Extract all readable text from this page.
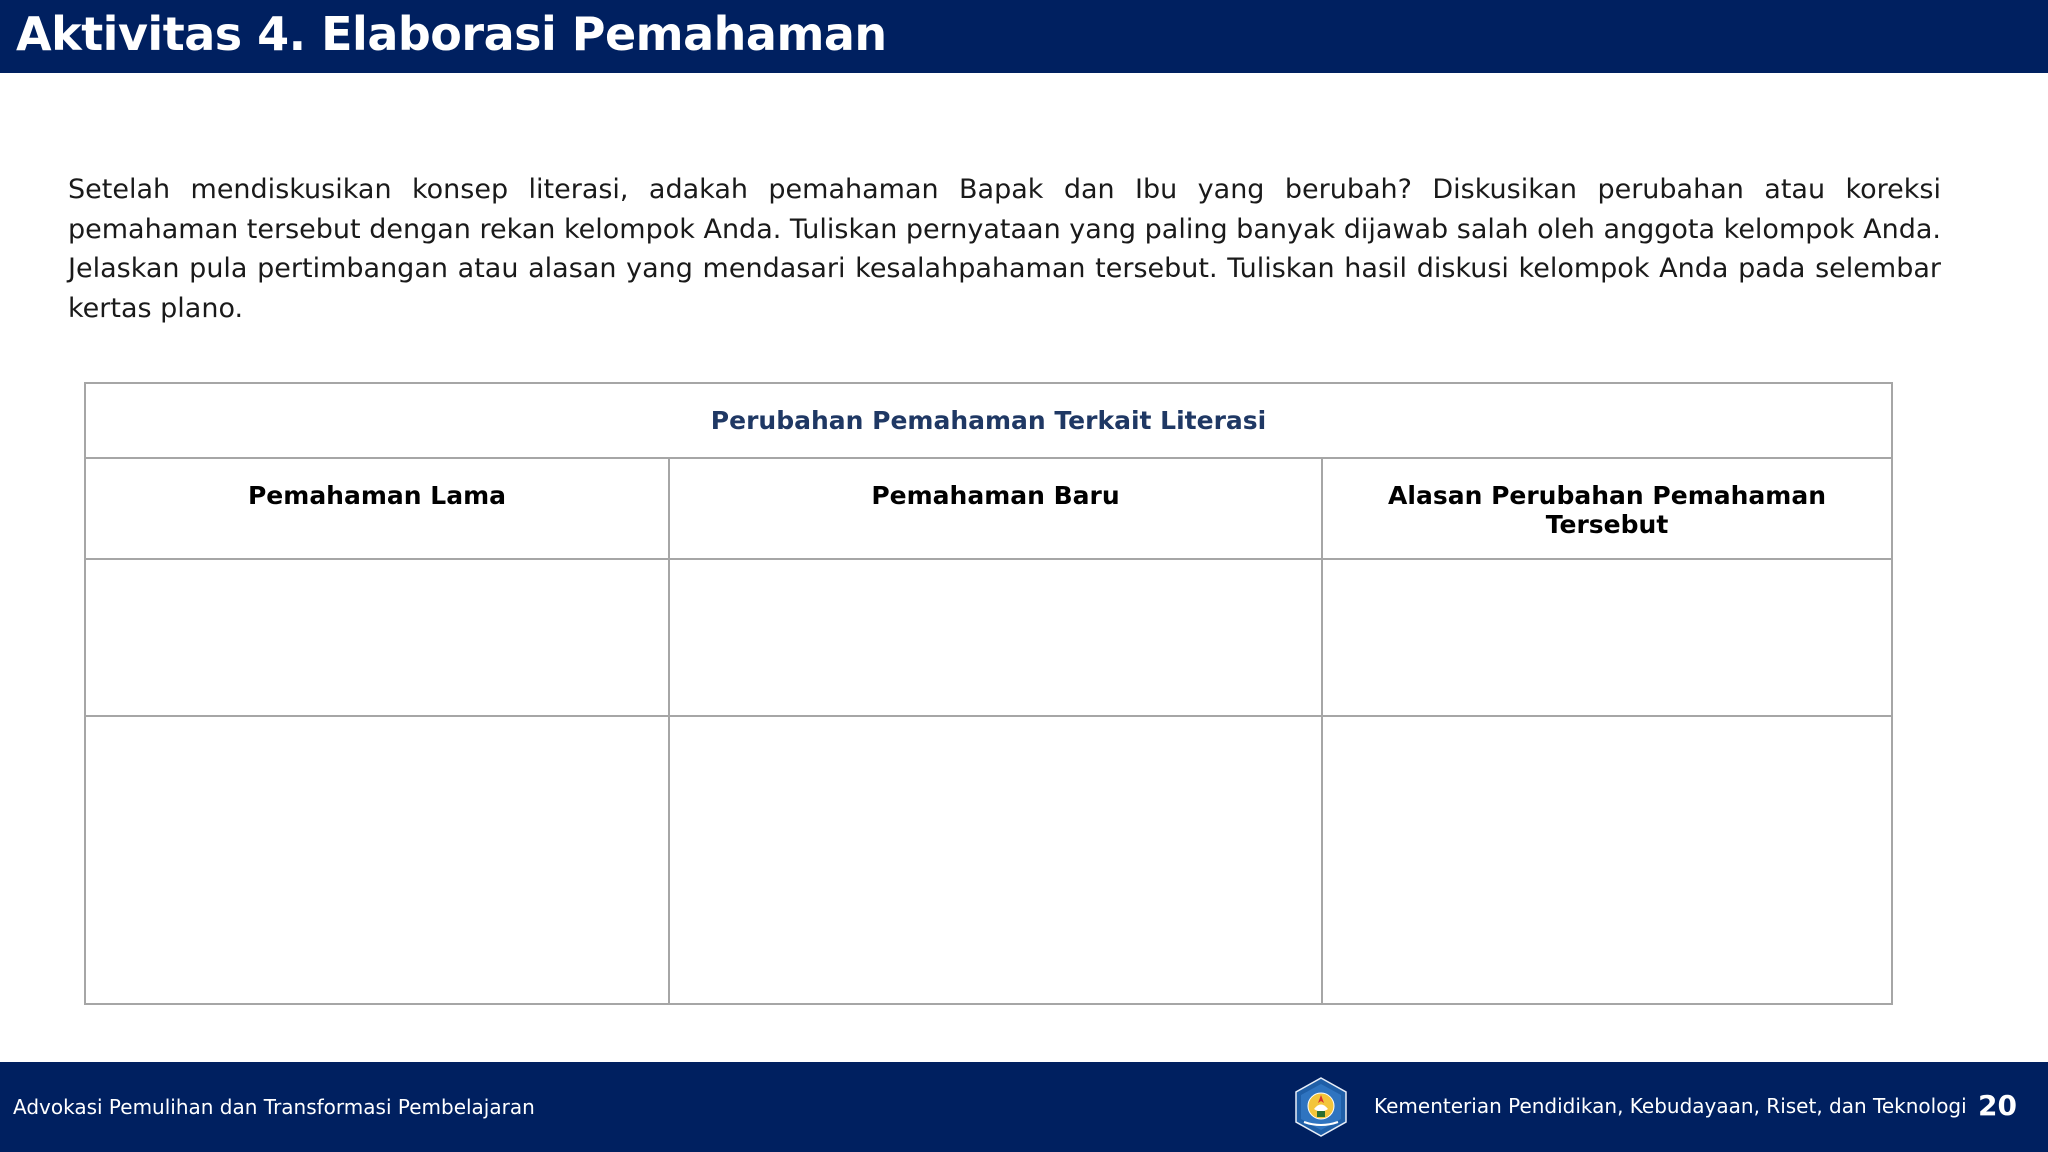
Aktivitas 4. Elaborasi Pemahaman

Setelah mendiskusikan konsep literasi, adakah pemahaman Bapak dan Ibu yang berubah? Diskusikan perubahan atau koreksi pemahaman tersebut dengan rekan kelompok Anda. Tuliskan pernyataan yang paling banyak dijawab salah oleh anggota kelompok Anda. Jelaskan pula pertimbangan atau alasan yang mendasari kesalahpahaman tersebut. Tuliskan hasil diskusi kelompok Anda pada selembar kertas plano.

Perubahan Pemahaman Terkait Literasi		
Pemahaman Lama	Pemahaman Baru	Alasan Perubahan Pemahaman Tersebut

Advokasi Pemulihan dan Transformasi Pembelajaran	Kementerian Pendidikan, Kebudayaan, Riset, dan Teknologi 20
